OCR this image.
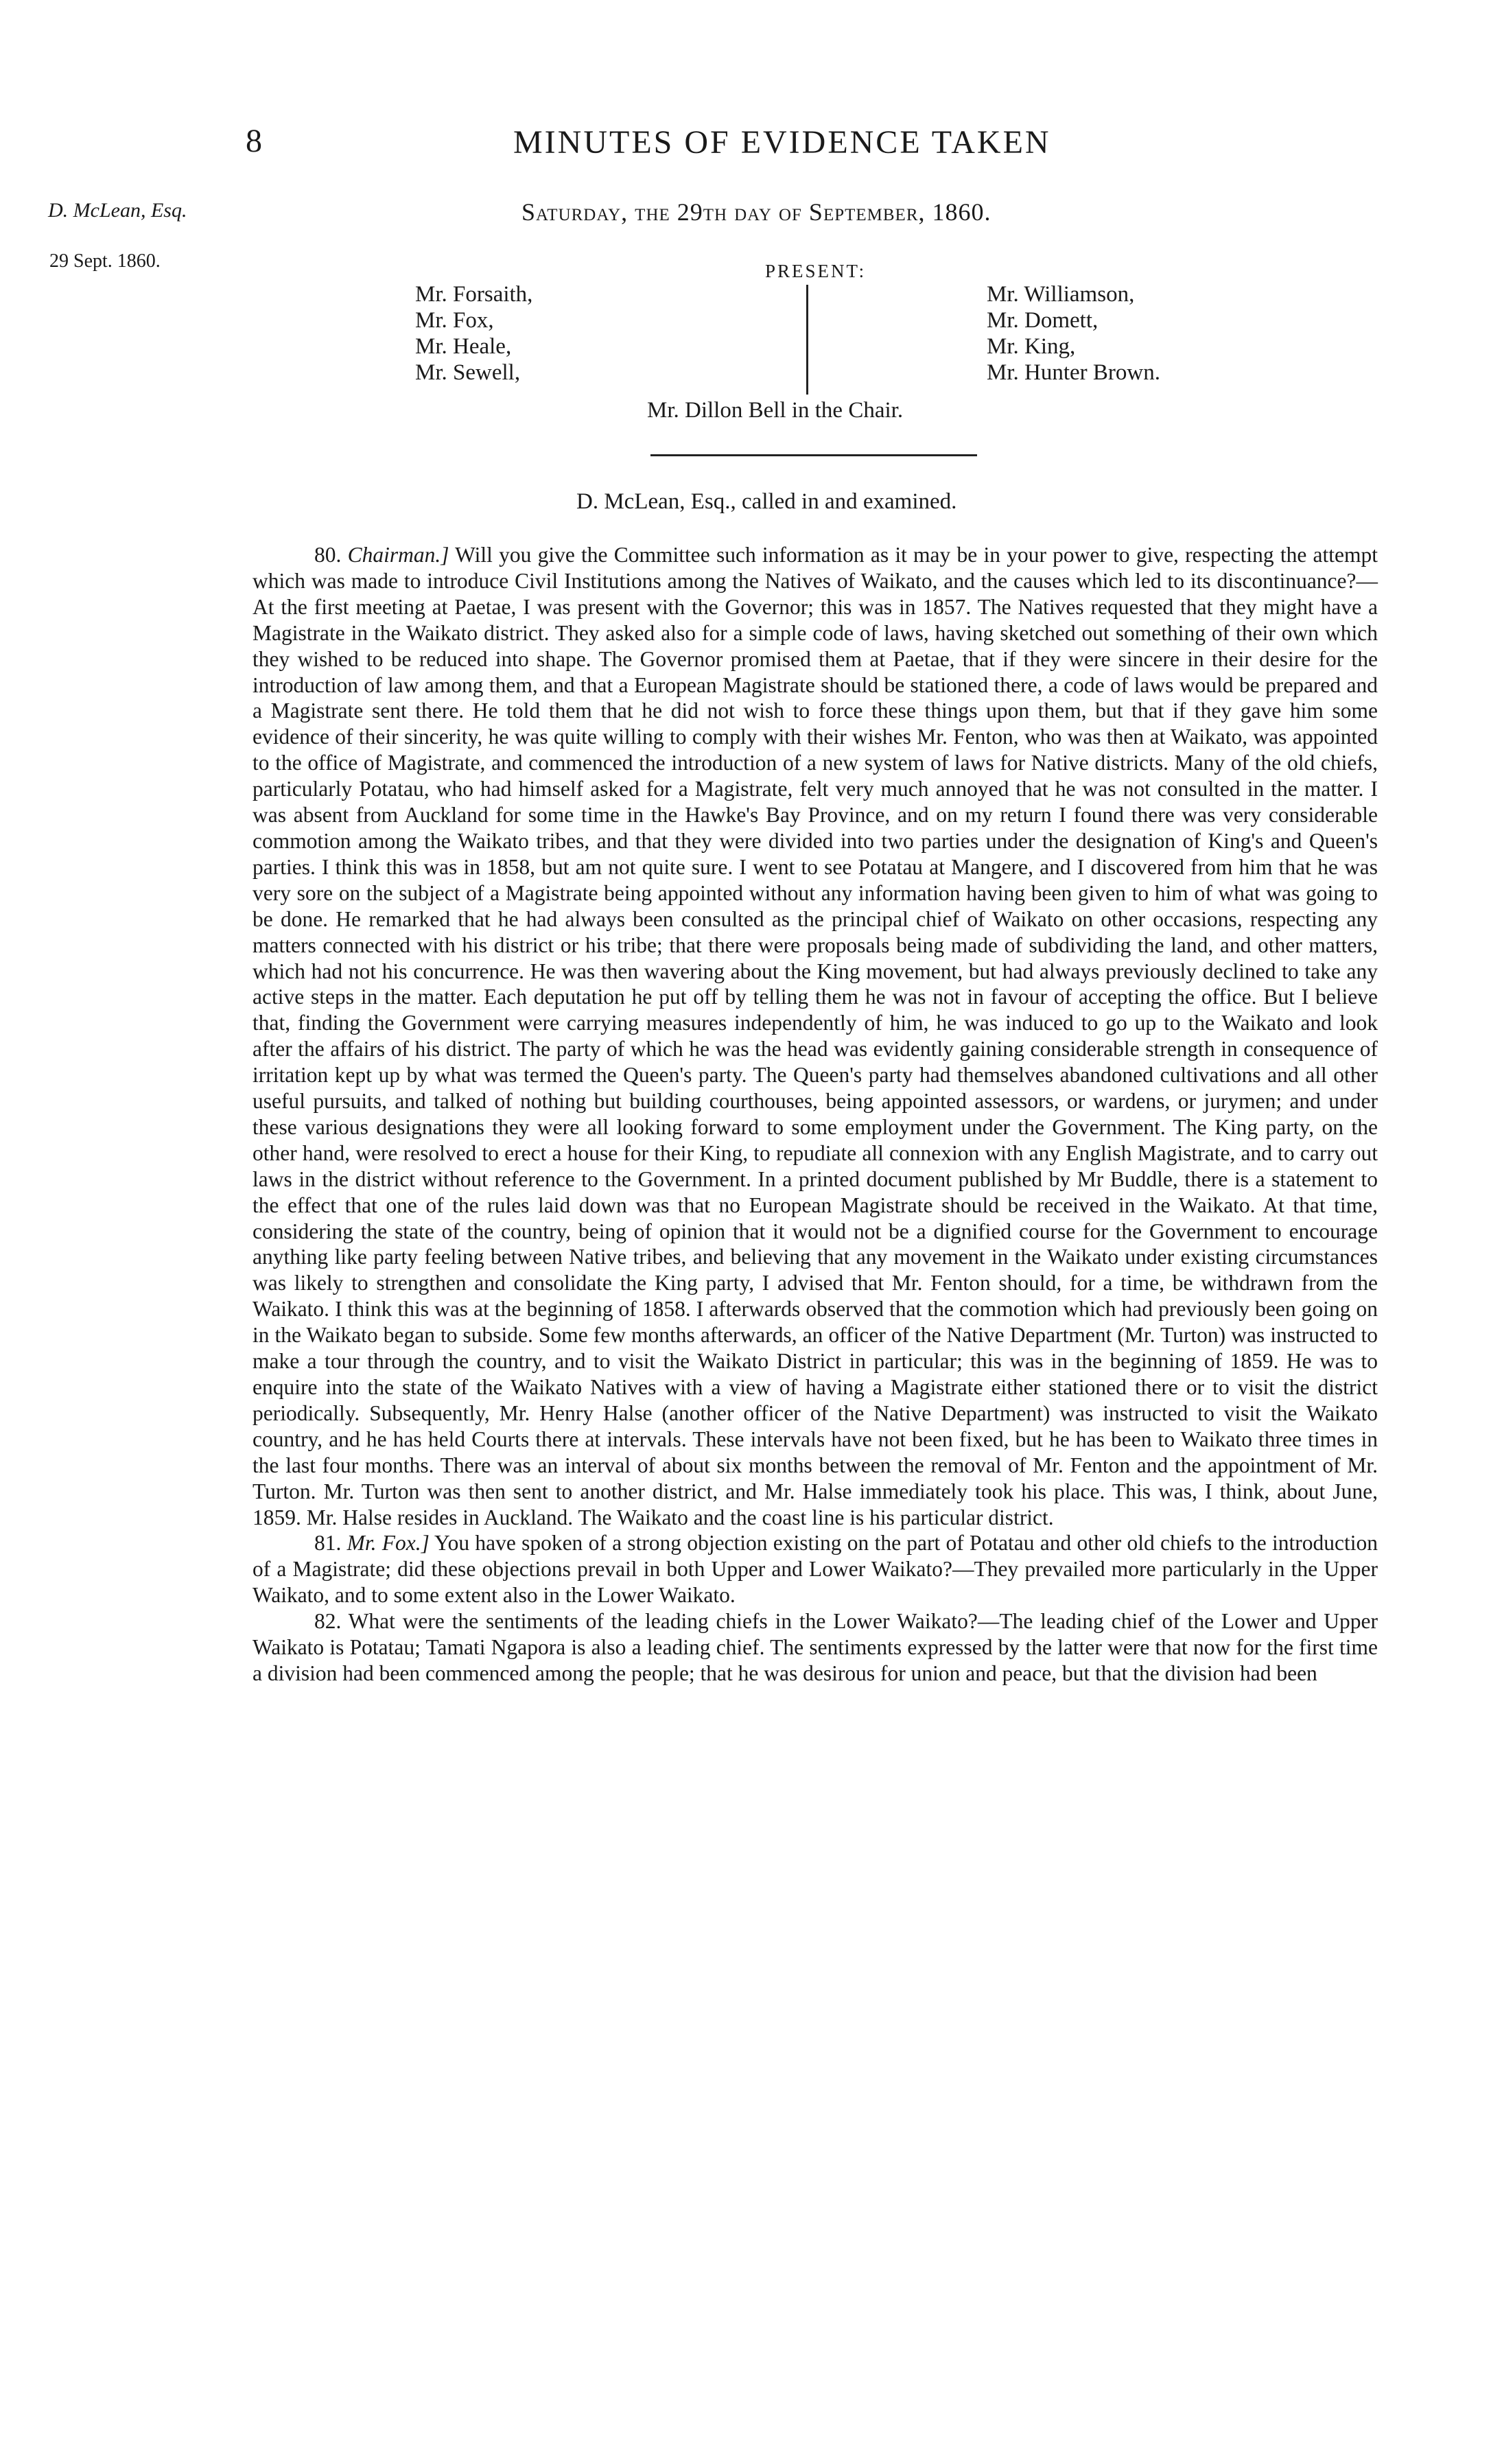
8	MINUTES OF EVIDENCE TAKEN
D. McLean, Esq.
29 Sept. 1860.
Saturday, the 29th day of September, 1860.
PRESENT:
Mr. Forsaith,
Mr. Fox,
Mr. Heale,
Mr. Sewell,
Mr. Williamson,
Mr. Domett,
Mr. King,
Mr. Hunter Brown.
Mr. Dillon Bell in the Chair.
D. McLean, Esq., called in and examined.

80. Chairman.] Will you give the Committee such information as it may be in your power to give, respecting the attempt which was made to introduce Civil Institutions among the Natives of Waikato, and the causes which led to its discontinuance?—At the first meeting at Paetae, I was present with the Governor; this was in 1857. The Natives requested that they might have a Magistrate in the Waikato district. They asked also for a simple code of laws, having sketched out something of their own which they wished to be reduced into shape. The Governor promised them at Paetae, that if they were sincere in their desire for the introduction of law among them, and that a European Magistrate should be stationed there, a code of laws would be prepared and a Magistrate sent there. He told them that he did not wish to force these things upon them, but that if they gave him some evidence of their sincerity, he was quite willing to comply with their wishes Mr. Fenton, who was then at Waikato, was appointed to the office of Magistrate, and commenced the introduction of a new system of laws for Native districts. Many of the old chiefs, particularly Potatau, who had himself asked for a Magistrate, felt very much annoyed that he was not consulted in the matter. I was absent from Auckland for some time in the Hawke's Bay Province, and on my return I found there was very considerable commotion among the Waikato tribes, and that they were divided into two parties under the designation of King's and Queen's parties. I think this was in 1858, but am not quite sure. I went to see Potatau at Mangere, and I discovered from him that he was very sore on the subject of a Magistrate being appointed without any information having been given to him of what was going to be done. He remarked that he had always been consulted as the principal chief of Waikato on other occasions, respecting any matters connected with his district or his tribe; that there were proposals being made of subdividing the land, and other matters, which had not his concurrence. He was then wavering about the King movement, but had always previously declined to take any active steps in the matter. Each deputation he put off by telling them he was not in favour of accepting the office. But I believe that, finding the Government were carrying measures independently of him, he was induced to go up to the Waikato and look after the affairs of his district. The party of which he was the head was evidently gaining considerable strength in consequence of irritation kept up by what was termed the Queen's party. The Queen's party had themselves abandoned cultivations and all other useful pursuits, and talked of nothing but building courthouses, being appointed assessors, or wardens, or jurymen; and under these various designations they were all looking forward to some employment under the Government. The King party, on the other hand, were resolved to erect a house for their King, to repudiate all connexion with any English Magistrate, and to carry out laws in the district without reference to the Government. In a printed document published by Mr Buddle, there is a statement to the effect that one of the rules laid down was that no European Magistrate should be received in the Waikato. At that time, considering the state of the country, being of opinion that it would not be a dignified course for the Government to encourage anything like party feeling between Native tribes, and believing that any movement in the Waikato under existing circumstances was likely to strengthen and consolidate the King party, I advised that Mr. Fenton should, for a time, be withdrawn from the Waikato. I think this was at the beginning of 1858. I afterwards observed that the commotion which had previously been going on in the Waikato began to subside. Some few months afterwards, an officer of the Native Department (Mr. Turton) was instructed to make a tour through the country, and to visit the Waikato District in particular; this was in the beginning of 1859. He was to enquire into the state of the Waikato Natives with a view of having a Magistrate either stationed there or to visit the district periodically. Subsequently, Mr. Henry Halse (another officer of the Native Department) was instructed to visit the Waikato country, and he has held Courts there at intervals. These intervals have not been fixed, but he has been to Waikato three times in the last four months. There was an interval of about six months between the removal of Mr. Fenton and the appointment of Mr. Turton. Mr. Turton was then sent to another district, and Mr. Halse immediately took his place. This was, I think, about June, 1859. Mr. Halse resides in Auckland. The Waikato and the coast line is his particular district.

81. Mr. Fox.] You have spoken of a strong objection existing on the part of Potatau and other old chiefs to the introduction of a Magistrate; did these objections prevail in both Upper and Lower Waikato?—They prevailed more particularly in the Upper Waikato, and to some extent also in the Lower Waikato.

82. What were the sentiments of the leading chiefs in the Lower Waikato?—The leading chief of the Lower and Upper Waikato is Potatau; Tamati Ngapora is also a leading chief. The sentiments expressed by the latter were that now for the first time a division had been commenced among the people; that he was desirous for union and peace, but that the division had been
